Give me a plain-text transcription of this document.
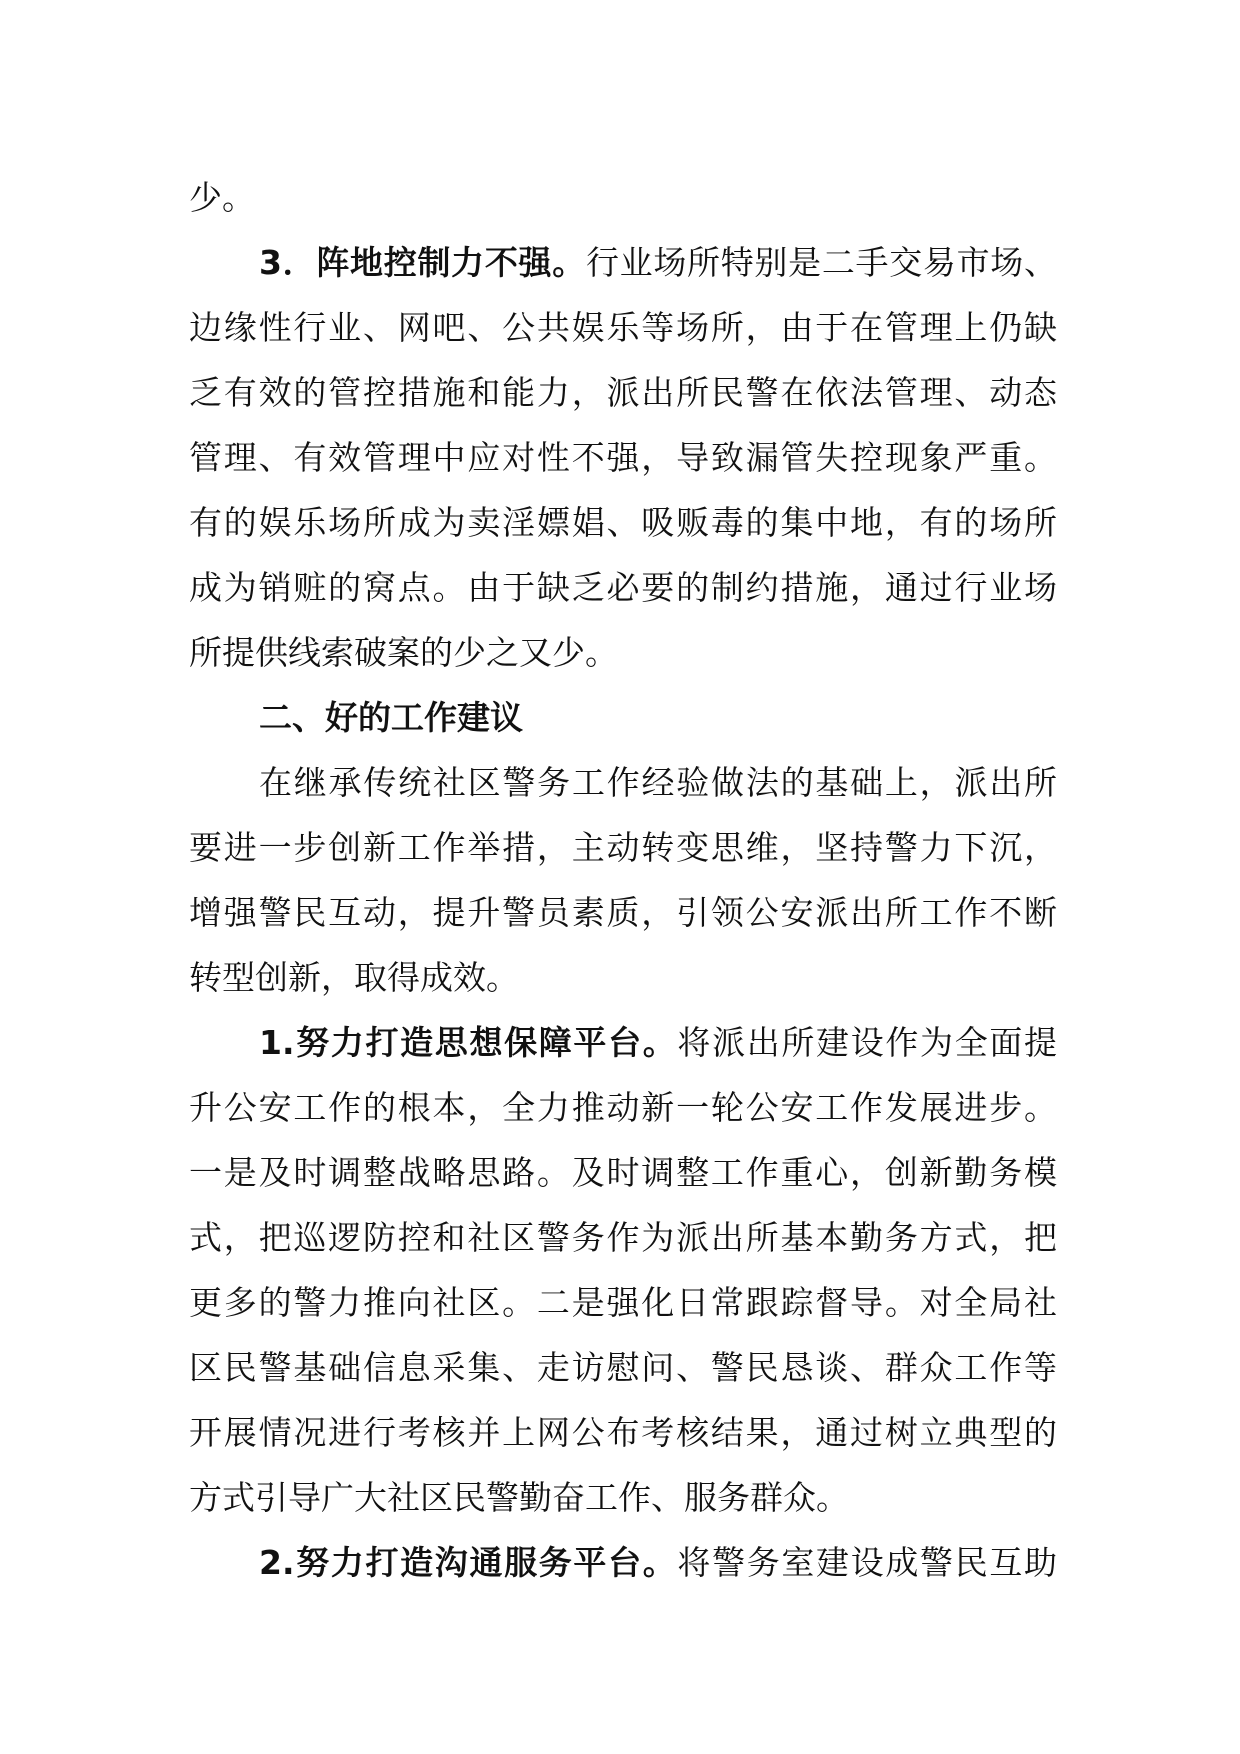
少。
3．阵地控制力不强。行业场所特别是二手交易市场、
边缘性行业、网吧、公共娱乐等场所，由于在管理上仍缺
乏有效的管控措施和能力，派出所民警在依法管理、动态
管理、有效管理中应对性不强，导致漏管失控现象严重。
有的娱乐场所成为卖淫嫖娼、吸贩毒的集中地，有的场所
成为销赃的窝点。由于缺乏必要的制约措施，通过行业场
所提供线索破案的少之又少。
二、好的工作建议
在继承传统社区警务工作经验做法的基础上，派出所
要进一步创新工作举措，主动转变思维，坚持警力下沉，
增强警民互动，提升警员素质，引领公安派出所工作不断
转型创新，取得成效。
1.努力打造思想保障平台。将派出所建设作为全面提
升公安工作的根本，全力推动新一轮公安工作发展进步。
一是及时调整战略思路。及时调整工作重心，创新勤务模
式，把巡逻防控和社区警务作为派出所基本勤务方式，把
更多的警力推向社区。二是强化日常跟踪督导。对全局社
区民警基础信息采集、走访慰问、警民恳谈、群众工作等
开展情况进行考核并上网公布考核结果，通过树立典型的
方式引导广大社区民警勤奋工作、服务群众。
2.努力打造沟通服务平台。将警务室建设成警民互助
